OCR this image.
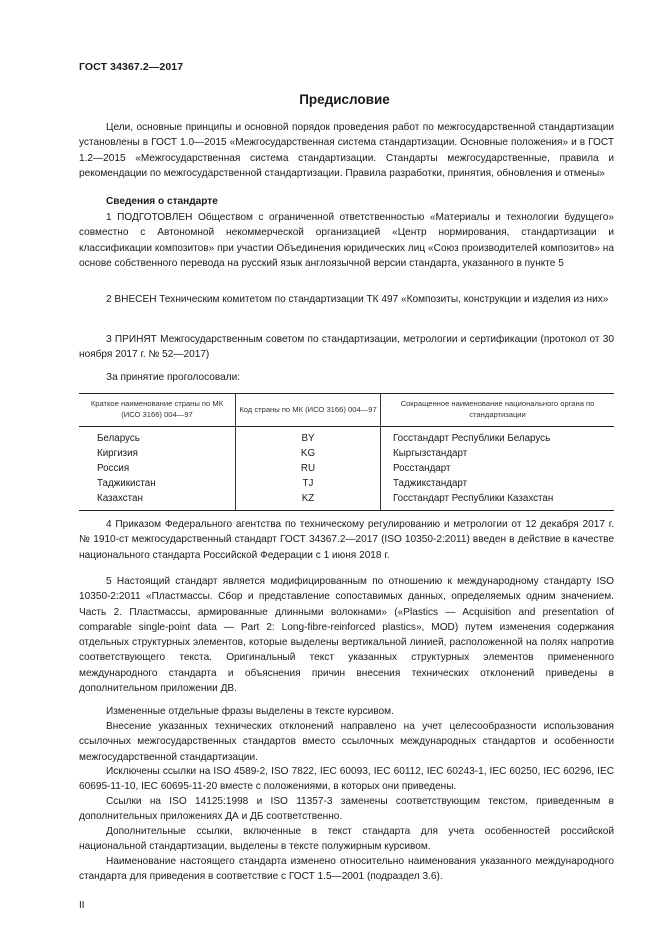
ГОСТ 34367.2—2017
Предисловие

Цели, основные принципы и основной порядок проведения работ по межгосударственной стандартизации установлены в ГОСТ 1.0—2015 «Межгосударственная система стандартизации. Основные положения» и в ГОСТ 1.2—2015 «Межгосударственная система стандартизации. Стандарты межгосударственные, правила и рекомендации по межгосударственной стандартизации. Правила разработки, принятия, обновления и отмены»

Сведения о стандарте

1 ПОДГОТОВЛЕН Обществом с ограниченной ответственностью «Материалы и технологии будущего» совместно с Автономной некоммерческой организацией «Центр нормирования, стандартизации и классификации композитов» при участии Объединения юридических лиц «Союз производителей композитов» на основе собственного перевода на русский язык англоязычной версии стандарта, указанного в пункте 5

2 ВНЕСЕН Техническим комитетом по стандартизации ТК 497 «Композиты, конструкции и изделия из них»

3 ПРИНЯТ Межгосударственным советом по стандартизации, метрологии и сертификации (протокол от 30 ноября 2017 г. № 52—2017)

За принятие проголосовали:
Краткое наименование страны по МК (ИСО 3166) 004—97	Код страны по МК (ИСО 3166) 004—97	Сокращенное наименование национального органа по стандартизации
Беларусь	BY	Госстандарт Республики Беларусь
Киргизия	KG	Кыргызстандарт
Россия	RU	Росстандарт
Таджикистан	TJ	Таджикстандарт
Казахстан	KZ	Госстандарт Республики Казахстан

4 Приказом Федерального агентства по техническому регулированию и метрологии от 12 декабря 2017 г. № 1910-ст межгосударственный стандарт ГОСТ 34367.2—2017 (ISO 10350-2:2011) введен в действие в качестве национального стандарта Российской Федерации с 1 июня 2018 г.

5 Настоящий стандарт является модифицированным по отношению к международному стандарту ISO 10350-2:2011 «Пластмассы. Сбор и представление сопоставимых данных, определяемых одним значением. Часть 2. Пластмассы, армированные длинными волокнами» («Plastics — Acquisition and presentation of comparable single-point data — Part 2: Long-fibre-reinforced plastics», MOD) путем изменения содержания отдельных структурных элементов, которые выделены вертикальной линией, расположенной на полях напротив соответствующего текста. Оригинальный текст указанных структурных элементов примененного международного стандарта и объяснения причин внесения технических отклонений приведены в дополнительном приложении ДВ.

Измененные отдельные фразы выделены в тексте курсивом.

Внесение указанных технических отклонений направлено на учет целесообразности использования ссылочных межгосударственных стандартов вместо ссылочных международных стандартов и особенности межгосударственной стандартизации.

Исключены ссылки на ISO 4589-2, ISO 7822, IEC 60093, IEC 60112, IEC 60243-1, IEC 60250, IEC 60296, IEC 60695-11-10, IEC 60695-11-20 вместе с положениями, в которых они приведены.

Ссылки на ISO 14125:1998 и ISO 11357-3 заменены соответствующим текстом, приведенным в дополнительных приложениях ДА и ДБ соответственно.

Дополнительные ссылки, включенные в текст стандарта для учета особенностей российской национальной стандартизации, выделены в тексте полужирным курсивом.

Наименование настоящего стандарта изменено относительно наименования указанного международного стандарта для приведения в соответствие с ГОСТ 1.5—2001 (подраздел 3.6).

II
